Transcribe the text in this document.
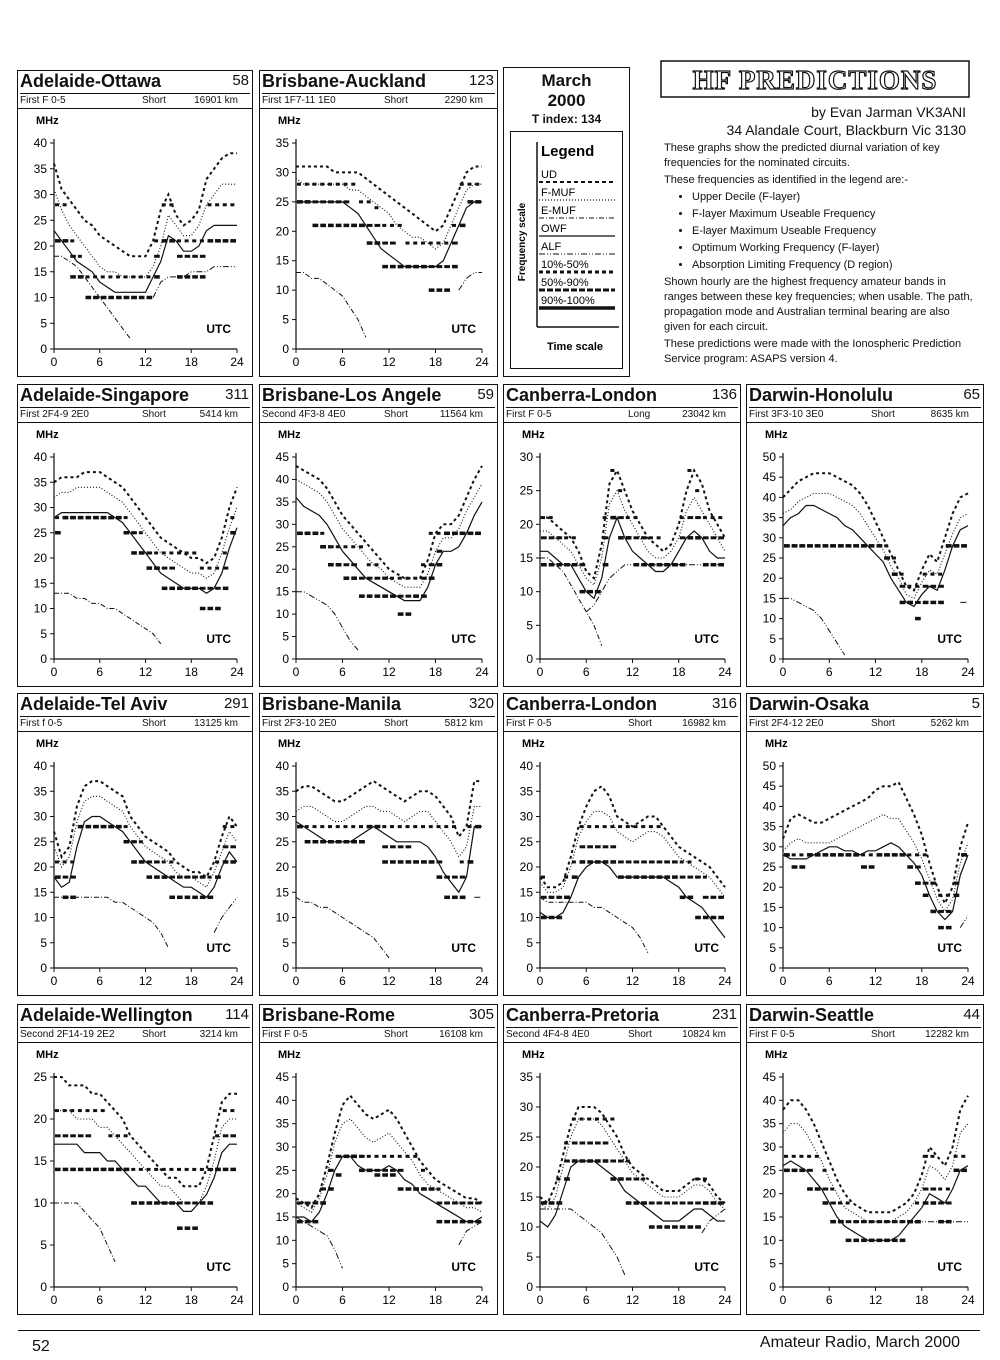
HF PREDICTIONS
by Evan Jarman VK3ANI
34 Alandale Court, Blackburn Vic 3130
These graphs show the predicted diurnal variation of key frequencies for the nominated circuits.
These frequencies as identified in the legend are:-
• Upper Decile (F-layer)
• F-layer Maximum Useable Frequency
• E-layer Maximum Useable Frequency
• Optimum Working Frequency (F-layer)
• Absorption Limiting Frequency (D region)
Shown hourly are the highest frequency amateur bands in ranges between these key frequencies; when usable. The path, propagation mode and Australian terminal bearing are also given for each circuit.
These predictions were made with the Ionospheric Prediction Service program: ASAPS version 4.
March
2000
T index: 134
Frequency scale
Legend
UD
F-MUF
E-MUF
OWF
ALF
10%-50%
50%-90%
90%-100%
Time scale
Adelaide-Ottawa	58
First F 0-5	Short	16901 km
MHz
0
5
10
15
20
25
30
35
40
0	6	12	18	24
UTC
Brisbane-Auckland	123
First 1F7-11 1E0	Short	2290 km
MHz
0
5
10
15
20
25
30
35
0	6	12	18	24
UTC
Adelaide-Singapore 311
First 2F4-9 2E0	Short	5414 km
MHz
0
5
10
15
20
25
30
35
40
0	6	12	18	24
UTC
Brisbane-Los Angele 59
Second 4F3-8 4E0	Short	11564 km
MHz
0
5
10
15
20
25
30
35
40
45
0	6	12	18	24
UTC
Canberra-London	136
First F 0-5	Long	23042 km
MHz
0
5
10
15
20
25
30
0	6	12	18	24
UTC
Darwin-Honolulu	65
First 3F3-10 3E0	Short	8635 km
MHz
0
5
10
15
20
25
30
35
40
45
50
0	6	12	18	24
UTC
Adelaide-Tel Aviv	291
First f 0-5	Short	13125 km
MHz
0
5
10
15
20
25
30
35
40
0	6	12	18	24
UTC
Brisbane-Manila	320
First 2F3-10 2E0	Short	5812 km
MHz
0
5
10
15
20
25
30
35
40
0	6	12	18	24
UTC
Canberra-London	316
First F 0-5	Short	16982 km
MHz
0
5
10
15
20
25
30
35
40
0	6	12	18	24
UTC
Darwin-Osaka	5
First 2F4-12 2E0	Short	5262 km
MHz
0
5
10
15
20
25
30
35
40
45
50
0	6	12	18	24
UTC
Adelaide-Wellington 114
Second 2F14-19 2E2	Short	3214 km
MHz
0
5
10
15
20
25
0	6	12	18	24
UTC
Brisbane-Rome	305
First F 0-5	Short	16108 km
MHz
0
5
10
15
20
25
30
35
40
45
0	6	12	18	24
UTC
Canberra-Pretoria	231
Second 4F4-8 4E0	Short	10824 km
MHz
0
5
10
15
20
25
30
35
0	6	12	18	24
UTC
Darwin-Seattle	44
First F 0-5	Short	12282 km
MHz
0
5
10
15
20
25
30
35
40
45
0	6	12	18	24
UTC
52	Amateur Radio, March 2000
